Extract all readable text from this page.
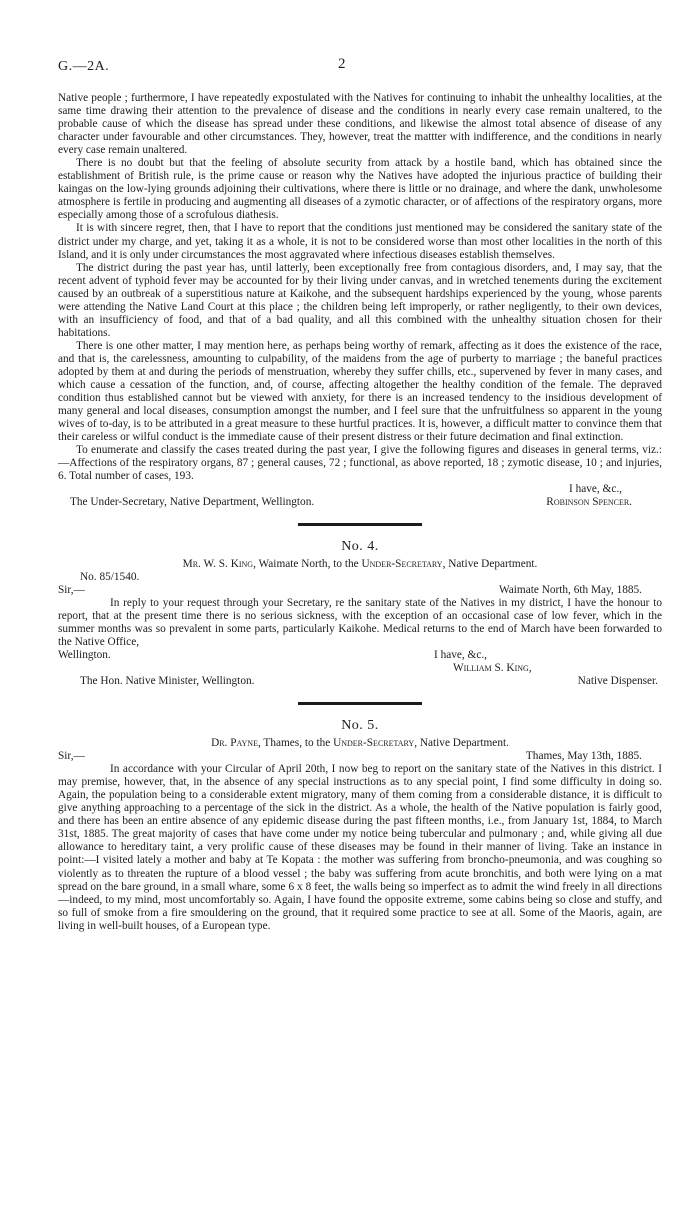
G.—2A.	2

Native people ; furthermore, I have repeatedly expostulated with the Natives for continuing to inhabit the unhealthy localities, at the same time drawing their attention to the prevalence of disease and the conditions in nearly every case remain unaltered, to the probable cause of which the disease has spread under these conditions, and likewise the almost total absence of disease of any character under favourable and other circumstances. They, however, treat the mattter with indifference, and the conditions in nearly every case remain unaltered.

There is no doubt but that the feeling of absolute security from attack by a hostile band, which has obtained since the establishment of British rule, is the prime cause or reason why the Natives have adopted the injurious practice of building their kaingas on the low-lying grounds adjoining their cultivations, where there is little or no drainage, and where the dank, unwholesome atmosphere is fertile in producing and augmenting all diseases of a zymotic character, or of affections of the respiratory organs, more especially among those of a scrofulous diathesis.

It is with sincere regret, then, that I have to report that the conditions just mentioned may be considered the sanitary state of the district under my charge, and yet, taking it as a whole, it is not to be considered worse than most other localities in the north of this Island, and it is only under circumstances the most aggravated where infectious diseases establish themselves.

The district during the past year has, until latterly, been exceptionally free from contagious disorders, and, I may say, that the recent advent of typhoid fever may be accounted for by their living under canvas, and in wretched tenements during the excitement caused by an outbreak of a superstitious nature at Kaikohe, and the subsequent hardships experienced by the young, whose parents were attending the Native Land Court at this place ; the children being left improperly, or rather negligently, to their own devices, with an insufficiency of food, and that of a bad quality, and all this combined with the unhealthy situation chosen for their habitations.

There is one other matter, I may mention here, as perhaps being worthy of remark, affecting as it does the existence of the race, and that is, the carelessness, amounting to culpability, of the maidens from the age of purberty to marriage ; the baneful practices adopted by them at and during the periods of menstruation, whereby they suffer chills, etc., supervened by fever in many cases, and which cause a cessation of the function, and, of course, affecting altogether the healthy condition of the female. The depraved condition thus established cannot but be viewed with anxiety, for there is an increased tendency to the insidious development of many general and local diseases, consumption amongst the number, and I feel sure that the unfruitfulness so apparent in the young wives of to-day, is to be attributed in a great measure to these hurtful practices. It is, however, a difficult matter to convince them that their careless or wilful conduct is the immediate cause of their present distress or their future decimation and final extinction.

To enumerate and classify the cases treated during the past year, I give the following figures and diseases in general terms, viz.:—Affections of the respiratory organs, 87 ; general causes, 72 ; functional, as above reported, 18 ; zymotic disease, 10 ; and injuries, 6. Total number of cases, 193.

I have, &c.,
The Under-Secretary, Native Department, Wellington.	Robinson Spencer.
No. 4.
Mr. W. S. King, Waimate North, to the Under-Secretary, Native Department.
No. 85/1540.
Sir,—	Waimate North, 6th May, 1885.

In reply to your request through your Secretary, re the sanitary state of the Natives in my district, I have the honour to report, that at the present time there is no serious sickness, with the exception of an occasional case of low fever, which in the summer months was so prevalent in some parts, particularly Kaikohe. Medical returns to the end of March have been forwarded to the Native Office,

Wellington.	I have, &c.,
William S. King,
The Hon. Native Minister, Wellington.	Native Dispenser.
No. 5.
Dr. Payne, Thames, to the Under-Secretary, Native Department.
Sir,—	Thames, May 13th, 1885.

In accordance with your Circular of April 20th, I now beg to report on the sanitary state of the Natives in this district. I may premise, however, that, in the absence of any special instructions as to any special point, I find some difficulty in doing so. Again, the population being to a considerable extent migratory, many of them coming from a considerable distance, it is difficult to give anything approaching to a percentage of the sick in the district. As a whole, the health of the Native population is fairly good, and there has been an entire absence of any epidemic disease during the past fifteen months, i.e., from January 1st, 1884, to March 31st, 1885. The great majority of cases that have come under my notice being tubercular and pulmonary ; and, while giving all due allowance to hereditary taint, a very prolific cause of these diseases may be found in their manner of living. Take an instance in point:—I visited lately a mother and baby at Te Kopata : the mother was suffering from broncho-pneumonia, and was coughing so violently as to threaten the rupture of a blood vessel ; the baby was suffering from acute bronchitis, and both were lying on a mat spread on the bare ground, in a small whare, some 6 x 8 feet, the walls being so imperfect as to admit the wind freely in all directions—indeed, to my mind, most uncomfortably so. Again, I have found the opposite extreme, some cabins being so close and stuffy, and so full of smoke from a fire smouldering on the ground, that it required some practice to see at all. Some of the Maoris, again, are living in well-built houses, of a European type.
